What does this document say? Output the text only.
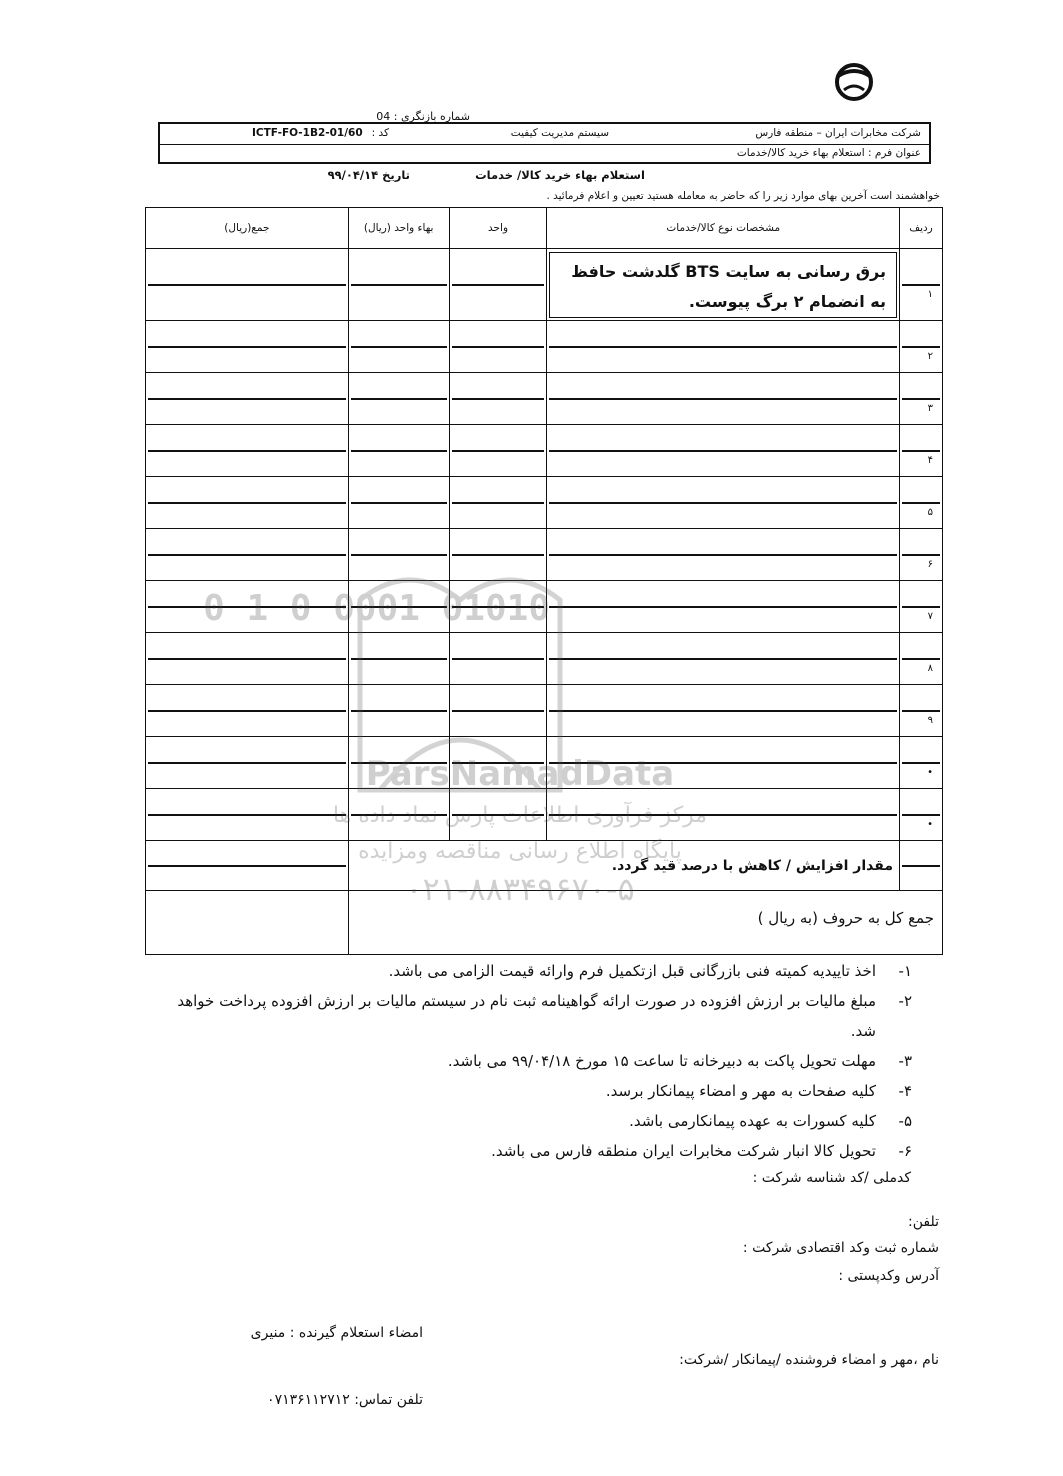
شماره بازنگری : 04
شرکت مخابرات ایران – منطقه فارس
سیستم مدیریت کیفیت
کد :
ICTF-FO-1B2-01/60
عنوان فرم : استعلام بهاء خرید کالا/خدمات
استعلام بهاء خرید کالا/ خدمات
تاریخ ۹۹/۰۴/۱۴
خواهشمند است آخرین بهای موارد زیر را که حاضر به معامله هستید تعیین و اعلام فرمائید .
جمع(ریال)	بهاء واحد (ریال)	واحد	مشخصات نوع کالا/خدمات	ردیف

			برق رسانی به سایت BTS گلدشت حافظ به انضمام ۲ برگ پیوست.	۱

				۲

				۳

				۴

				۵

				۶

				۷

				۸

				۹

				•

				•

	مقدار افزایش / کاهش با درصد قید گردد.			

	جمع کل به حروف (به ریال )			
01010 0001 0 1 0
ParsNamadData
مرکز فرآوری اطلاعات پارس نماد داده ها
پایگاه اطلاع رسانی مناقصه ومزایده
۰۲۱-۸۸۳۴۹۶۷۰-۵
۱-
اخذ تاییدیه کمیته فنی بازرگانی قبل ازتکمیل فرم وارائه قیمت الزامی می باشد.
۲-
مبلغ مالیات بر ارزش افزوده در صورت ارائه گواهینامه ثبت نام در سیستم مالیات بر ارزش افزوده پرداخت خواهد شد.
۳-
مهلت تحویل پاکت به دبیرخانه تا ساعت ۱۵ مورخ ۹۹/۰۴/۱۸ می باشد.
۴-
کلیه صفحات به مهر و امضاء پیمانکار برسد.
۵-
کلیه کسورات به عهده پیمانکارمی باشد.
۶-
تحویل کالا انبار شرکت مخابرات ایران منطقه فارس می باشد.
کدملی /کد شناسه شرکت :
تلفن:
شماره ثبت وکد اقتصادی شرکت :
آدرس وکدپستی :
امضاء استعلام گیرنده : منیری
نام ،مهر و امضاء فروشنده /پیمانکار /شرکت:
تلفن تماس: ۰۷۱۳۶۱۱۲۷۱۲
